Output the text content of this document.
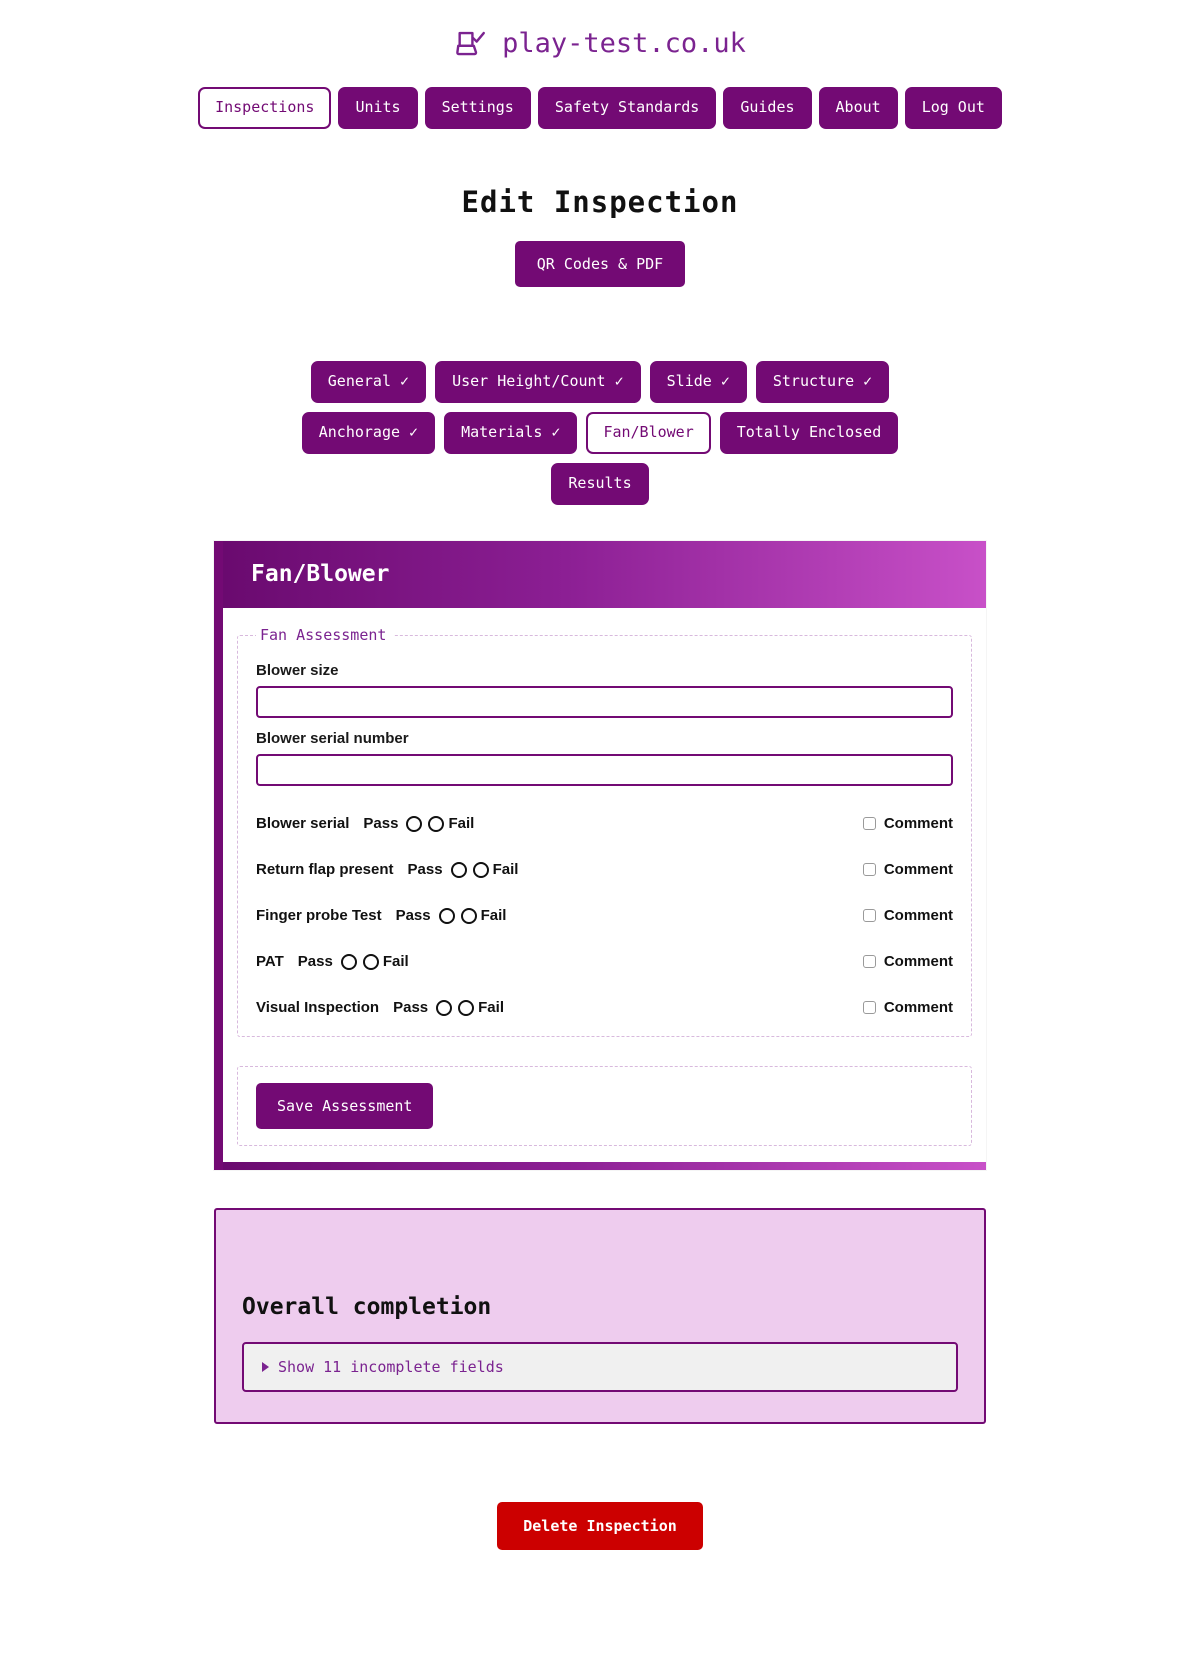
play-test.co.uk
Inspections	Units	Settings	Safety Standards	Guides	About	Log Out
Edit Inspection
QR Codes & PDF
General ✓	User Height/Count ✓	Slide ✓	Structure ✓
Anchorage ✓	Materials ✓	Fan/Blower	Totally Enclosed
Results
Fan/Blower
Fan Assessment
Blower size
Blower serial number
Blower serial Pass	Fail	Comment
Return flap present Pass	Fail	Comment
Finger probe Test Pass	Fail	Comment
PAT Pass	Fail	Comment
Visual Inspection Pass	Fail	Comment
Save Assessment
Overall completion
Show 11 incomplete fields
Delete Inspection
